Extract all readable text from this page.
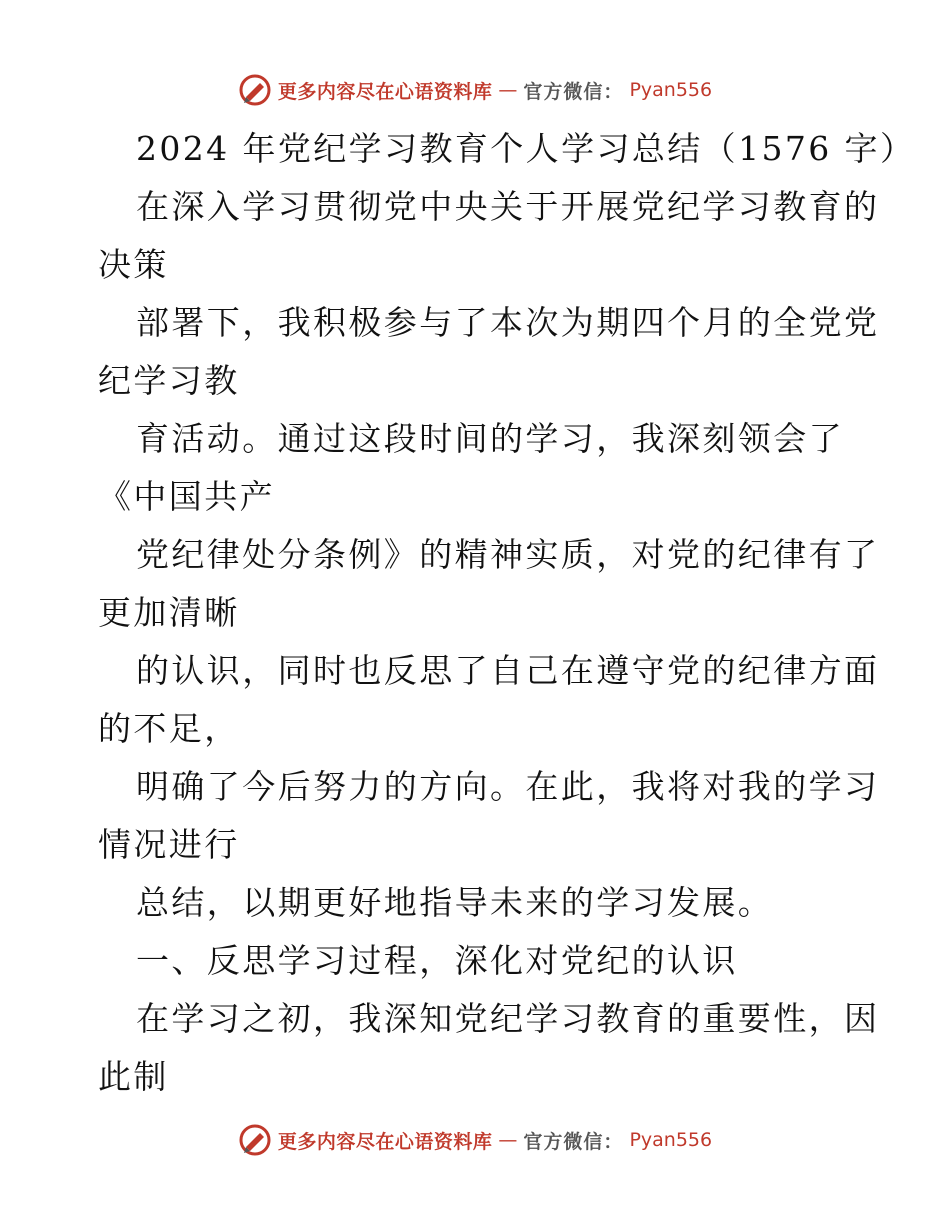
更多内容尽在心语资料库 — 官方微信： Pyan556
2024 年党纪学习教育个人学习总结（1576 字）
在深入学习贯彻党中央关于开展党纪学习教育的
决策
部署下，我积极参与了本次为期四个月的全党党
纪学习教
育活动。通过这段时间的学习，我深刻领会了
《中国共产
党纪律处分条例》的精神实质，对党的纪律有了
更加清晰
的认识，同时也反思了自己在遵守党的纪律方面
的不足，
明确了今后努力的方向。在此，我将对我的学习
情况进行
总结，以期更好地指导未来的学习发展。
一、反思学习过程，深化对党纪的认识
在学习之初，我深知党纪学习教育的重要性，因
此制
更多内容尽在心语资料库 — 官方微信： Pyan556
